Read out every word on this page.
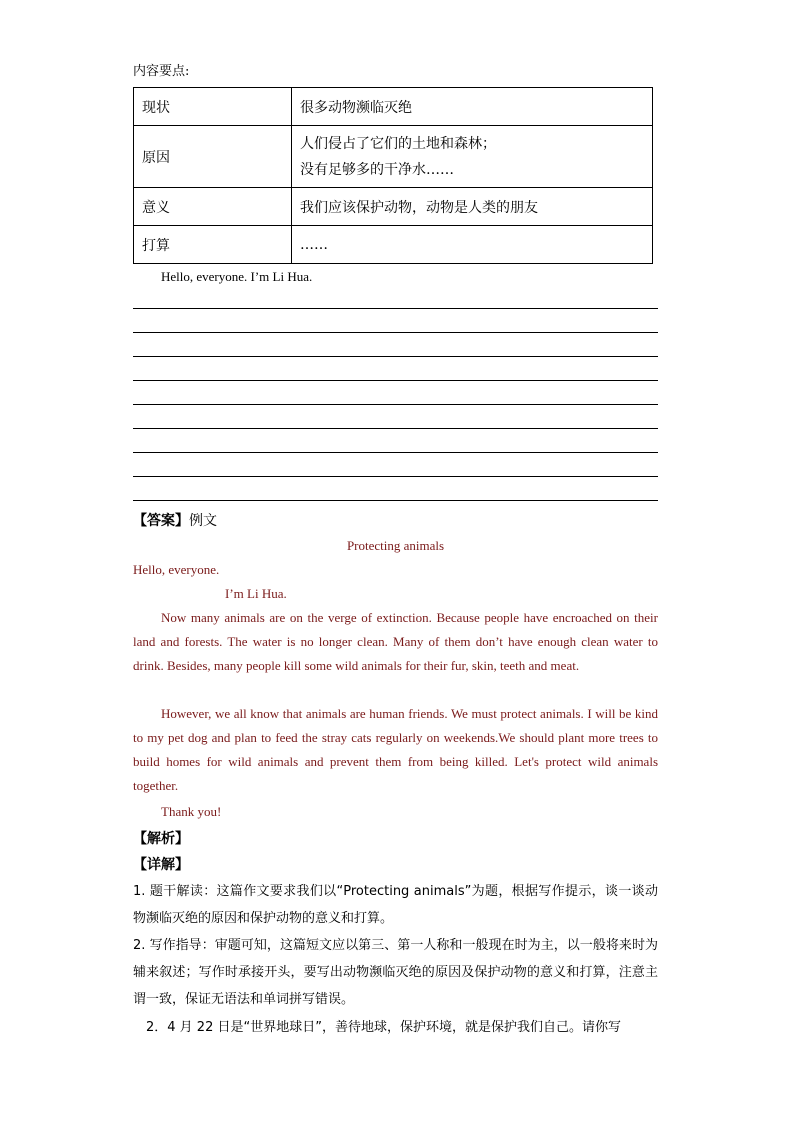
内容要点:
现状	很多动物濒临灭绝
原因	人们侵占了它们的土地和森林；
没有足够多的干净水……

意义	我们应该保护动物，动物是人类的朋友
打算	……
Hello, everyone. I’m Li Hua.
【答案】例文
Protecting animals
Hello, everyone.
I’m Li Hua.
Now many animals are on the verge of extinction. Because people have encroached on their land and forests. The water is no longer clean. Many of them don’t have enough clean water to drink. Besides, many people kill some wild animals for their fur, skin, teeth and meat.
However, we all know that animals are human friends. We must protect animals. I will be kind to my pet dog and plan to feed the stray cats regularly on weekends.We should plant more trees to build homes for wild animals and prevent them from being killed. Let's protect wild animals together.
Thank you!
【解析】
【详解】
1. 题干解读：这篇作文要求我们以“Protecting animals”为题，根据写作提示，谈一谈动物濒临灭绝的原因和保护动物的意义和打算。
2. 写作指导：审题可知，这篇短文应以第三、第一人称和一般现在时为主，以一般将来时为辅来叙述；写作时承接开头，要写出动物濒临灭绝的原因及保护动物的意义和打算，注意主谓一致，保证无语法和单词拼写错误。
2．4 月 22 日是“世界地球日”，善待地球，保护环境，就是保护我们自己。请你写
